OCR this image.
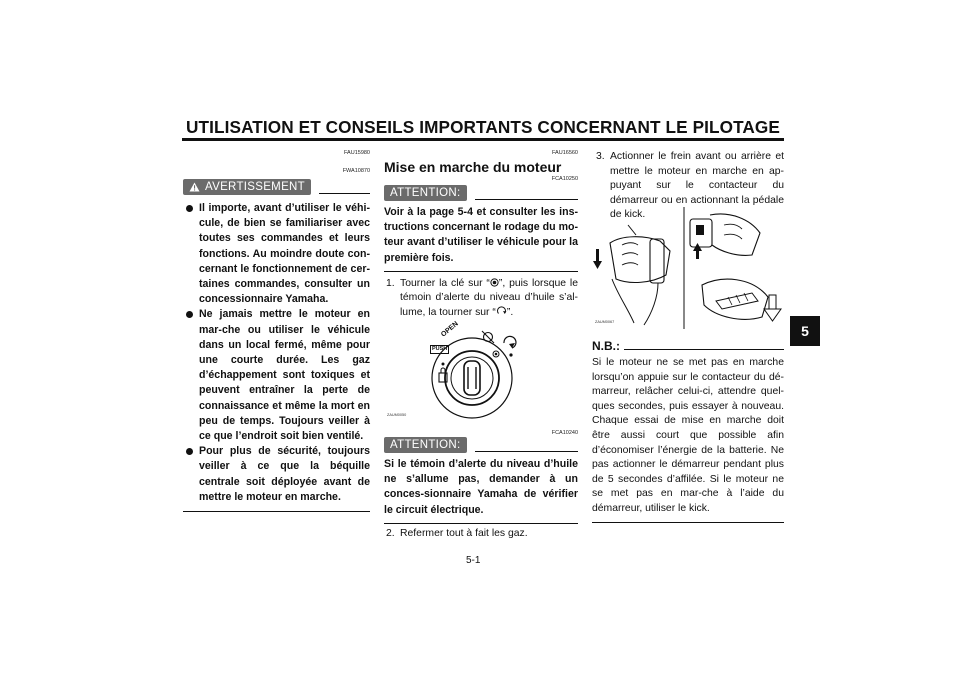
UTILISATION ET CONSEILS IMPORTANTS CONCERNANT LE PILOTAGE
5
FAU15980
FWA10870
AVERTISSEMENT
Il importe, avant d’utiliser le véhi-cule, de bien se familiariser avec toutes ses commandes et leurs fonctions. Au moindre doute con-cernant le fonctionnement de cer-taines commandes, consulter un concessionnaire Yamaha.
Ne jamais mettre le moteur en mar-che ou utiliser le véhicule dans un local fermé, même pour une courte durée. Les gaz d’échappement sont toxiques et peuvent entraîner la perte de connaissance et même la mort en peu de temps. Toujours veiller à ce que l’endroit soit bien ventilé.
Pour plus de sécurité, toujours veiller à ce que la béquille centrale soit déployée avant de mettre le moteur en marche.
FAU16560
Mise en marche du moteur
FCA10250
ATTENTION:
Voir à la page 5-4 et consulter les ins-tructions concernant le rodage du mo-teur avant d’utiliser le véhicule pour la première fois.
1. Tourner la clé sur “ ”, puis lorsque le témoin d’alerte du niveau d’huile s’al-lume, la tourner sur “ ”.
OPEN
PUSH
ZAUM0050
FCA10240
ATTENTION:
Si le témoin d’alerte du niveau d’huile ne s’allume pas, demander à un conces-sionnaire Yamaha de vérifier le circuit électrique.
2. Refermer tout à fait les gaz.
3. Actionner le frein avant ou arrière et mettre le moteur en marche en ap-puyant sur le contacteur du démarreur ou en actionnant la pédale de kick.
ZAUM0067
N.B.:
Si le moteur ne se met pas en marche lorsqu’on appuie sur le contacteur du dé-marreur, relâcher celui-ci, attendre quel-ques secondes, puis essayer à nouveau. Chaque essai de mise en marche doit être aussi court que possible afin d’économiser l’énergie de la batterie. Ne pas actionner le démarreur pendant plus de 5 secondes d’affilée. Si le moteur ne se met pas en mar-che à l’aide du démarreur, utiliser le kick.
5-1
